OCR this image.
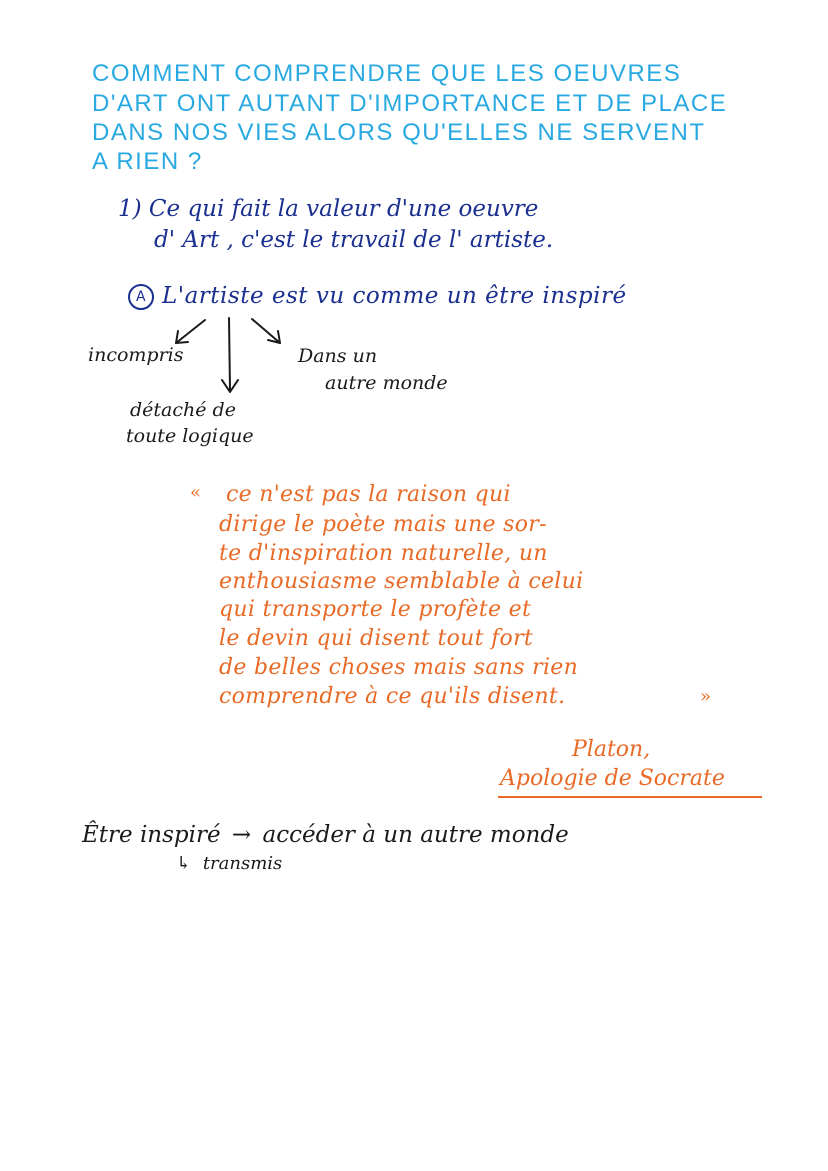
COMMENT COMPRENDRE QUE LES OEUVRES

D'ART ONT AUTANT D'IMPORTANCE ET DE PLACE

DANS NOS VIES ALORS QU'ELLES NE SERVENT

A RIEN ?

1) Ce qui fait la valeur d'une oeuvre

d' Art , c'est le travail de l' artiste.

A L'artiste est vu comme un être inspiré

incompris	Dans un

autre monde

détaché de

toute logique

« ce n'est pas la raison qui

dirige le poète mais une sor-

te d'inspiration naturelle, un

enthousiasme semblable à celui

qui transporte le profète et

le devin qui disent tout fort

de belles choses mais sans rien

comprendre à ce qu'ils disent.	»

Platon,

Apologie de Socrate

Être inspiré → accéder à un autre monde

↳ transmis
